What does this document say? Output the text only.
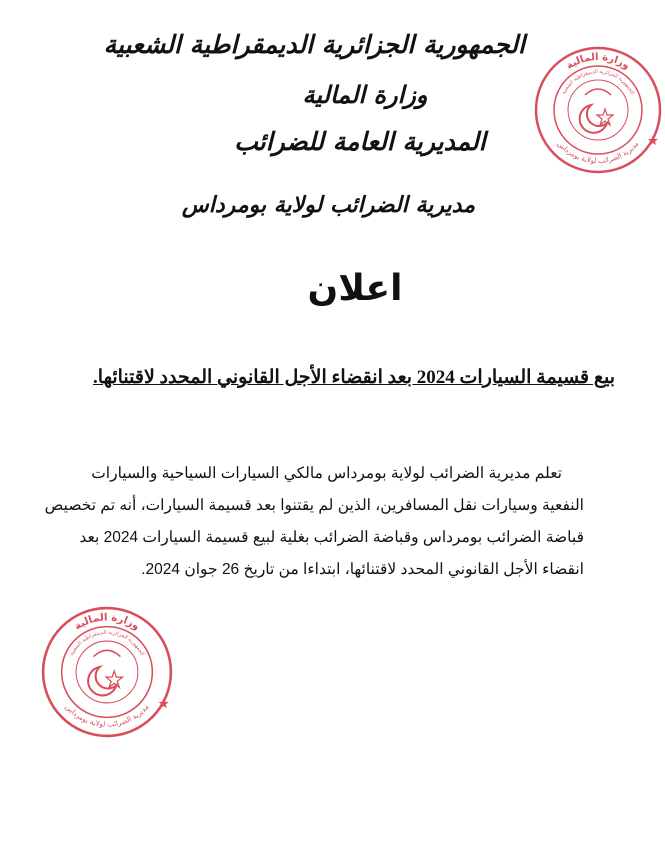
الجمهورية الجزائرية الديمقراطية الشعبية
وزارة المالية
المديرية العامة للضرائب
مديرية الضرائب لولاية بومرداس
اعلان
بيع قسيمة السيارات 2024 بعد انقضاء الأجل القانوني المحدد لاقتنائها.
تعلم مديرية الضرائب لولاية بومرداس مالكي السيارات السياحية والسيارات
النفعية وسيارات نقل المسافرين، الذين لم يقتنوا بعد قسيمة السيارات، أنه تم تخصيص
قباضة الضرائب بومرداس وقباضة الضرائب بغلية لبيع قسيمة السيارات 2024 بعد
انقضاء الأجل القانوني المحدد لاقتنائها، ابتداءا من تاريخ 26 جوان 2024.
وزارة المالية
مديرية الضرائب لولاية بومرداس
الجمهورية الجزائرية الديمقراطية الشعبية
وزارة المالية
مديرية الضرائب لولاية بومرداس
الجمهورية الجزائرية الديمقراطية الشعبية
